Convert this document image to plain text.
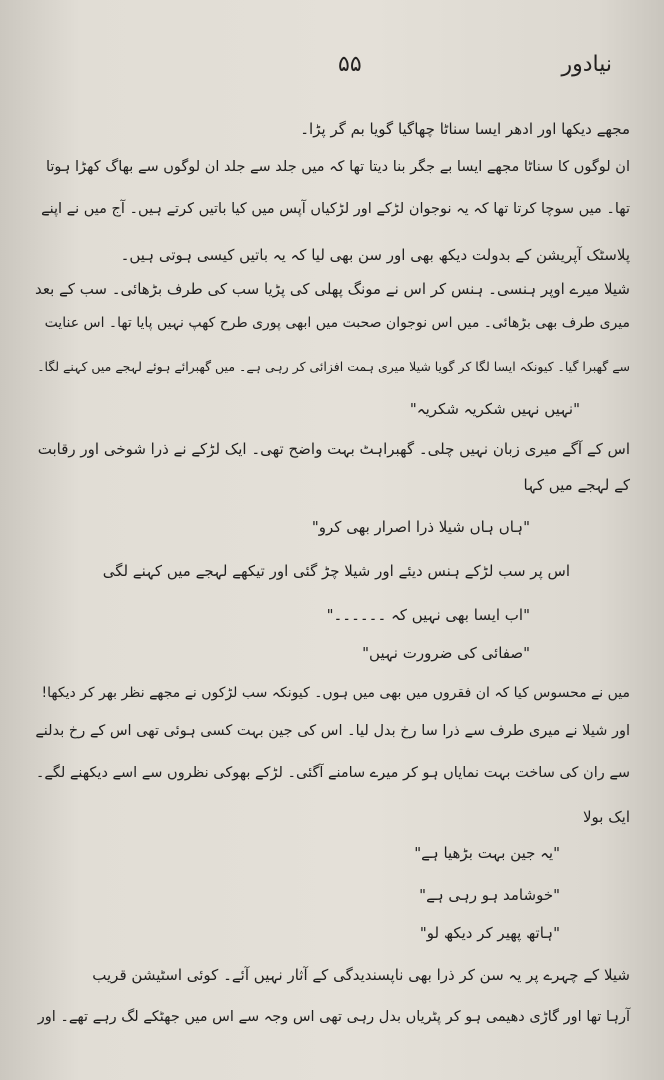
نیادور
۵۵
مجھے دیکھا اور ادھر ایسا سناٹا چھاگیا گویا بم گر پڑا۔
ان لوگوں کا سناٹا مجھے ایسا بے جگر بنا دیتا تھا کہ میں جلد سے جلد ان لوگوں سے بھاگ کھڑا ہوتا
تھا۔ میں سوچا کرتا تھا کہ یہ نوجوان لڑکے اور لڑکیاں آپس میں کیا باتیں کرتے ہیں۔ آج میں نے اپنے
پلاسٹک آپریشن کے بدولت دیکھ بھی اور سن بھی لیا کہ یہ باتیں کیسی ہوتی ہیں۔
شیلا میرے اوپر ہنسی۔ ہنس کر اس نے مونگ پھلی کی پڑیا سب کی طرف بڑھائی۔ سب کے بعد
میری طرف بھی بڑھائی۔ میں اس نوجوان صحبت میں ابھی پوری طرح کھپ نہیں پایا تھا۔ اس عنایت
سے گھبرا گیا۔ کیونکہ ایسا لگا کر گویا شیلا میری ہمت افزائی کر رہی ہے۔ میں گھبرائے ہوئے لہجے میں کہنے لگا۔
"نہیں نہیں شکریہ شکریہ"
اس کے آگے میری زبان نہیں چلی۔ گھبراہٹ بہت واضح تھی۔ ایک لڑکے نے ذرا شوخی اور رقابت
کے لہجے میں کہا
"ہاں ہاں شیلا ذرا اصرار بھی کرو"
اس پر سب لڑکے ہنس دیئے اور شیلا چڑ گئی اور تیکھے لہجے میں کہنے لگی
"اب ایسا بھی نہیں کہ ۔۔۔۔۔۔"
"صفائی کی ضرورت نہیں"
میں نے محسوس کیا کہ ان فقروں میں بھی میں ہوں۔ کیونکہ سب لڑکوں نے مجھے نظر بھر کر دیکھا!
اور شیلا نے میری طرف سے ذرا سا رخ بدل لیا۔ اس کی جین بہت کسی ہوئی تھی اس کے رخ بدلنے
سے ران کی ساخت بہت نمایاں ہو کر میرے سامنے آگئی۔ لڑکے بھوکی نظروں سے اسے دیکھنے لگے۔
ایک بولا
"یہ جین بہت بڑھیا ہے"
"خوشامد ہو رہی ہے"
"ہاتھ پھیر کر دیکھ لو"
شیلا کے چہرے پر یہ سن کر ذرا بھی ناپسندیدگی کے آثار نہیں آئے۔ کوئی اسٹیشن قریب
آرہا تھا اور گاڑی دھیمی ہو کر پٹریاں بدل رہی تھی اس وجہ سے اس میں جھٹکے لگ رہے تھے۔ اور
